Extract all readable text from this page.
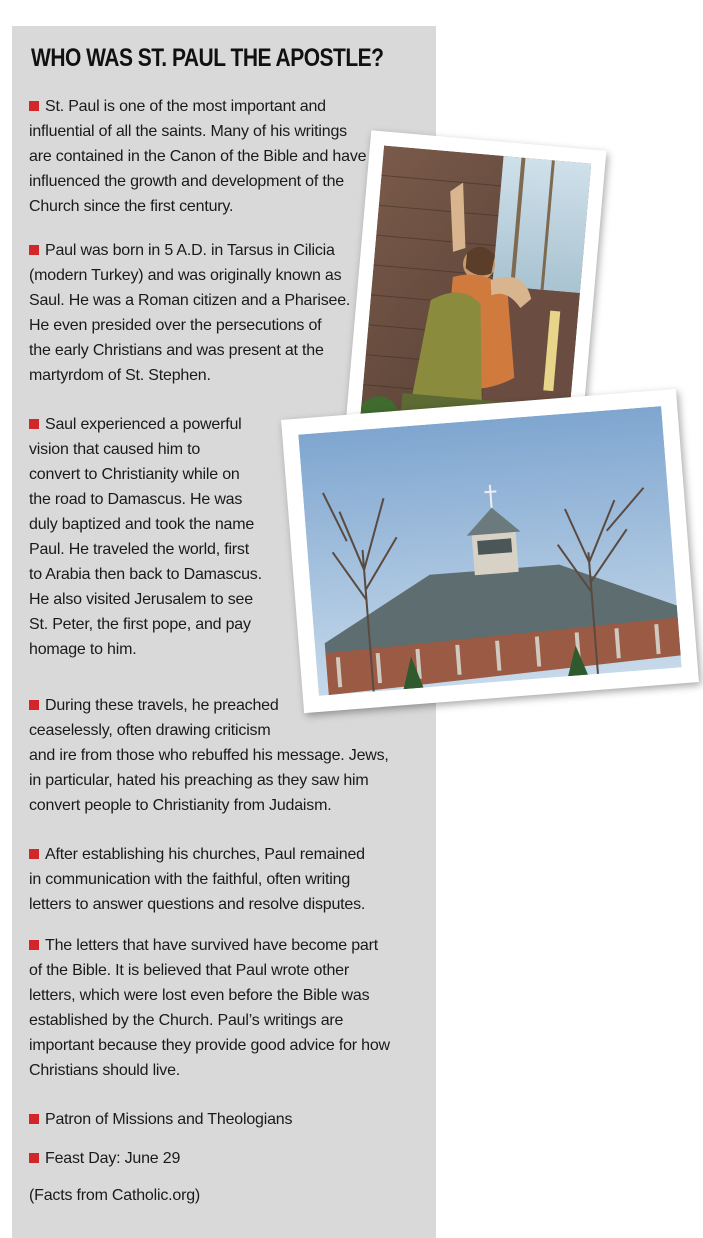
WHO WAS ST. PAUL THE APOSTLE?
St. Paul is one of the most important and
influential of all the saints. Many of his writings
are contained in the Canon of the Bible and have
influenced the growth and development of the
Church since the first century.
Paul was born in 5 A.D. in Tarsus in Cilicia
(modern Turkey) and was originally known as
Saul. He was a Roman citizen and a Pharisee.
He even presided over the persecutions of
the early Christians and was present at the
martyrdom of St. Stephen.
Saul experienced a powerful
vision that caused him to
convert to Christianity while on
the road to Damascus. He was
duly baptized and took the name
Paul. He traveled the world, first
to Arabia then back to Damascus.
He also visited Jerusalem to see
St. Peter, the first pope, and pay
homage to him.
During these travels, he preached
ceaselessly, often drawing criticism
and ire from those who rebuffed his message. Jews,
in particular, hated his preaching as they saw him
convert people to Christianity from Judaism.
After establishing his churches, Paul remained
in communication with the faithful, often writing
letters to answer questions and resolve disputes.
The letters that have survived have become part
of the Bible. It is believed that Paul wrote other
letters, which were lost even before the Bible was
established by the Church. Paul’s writings are
important because they provide good advice for how
Christians should live.
Patron of Missions and Theologians
Feast Day: June 29
(Facts from Catholic.org)
